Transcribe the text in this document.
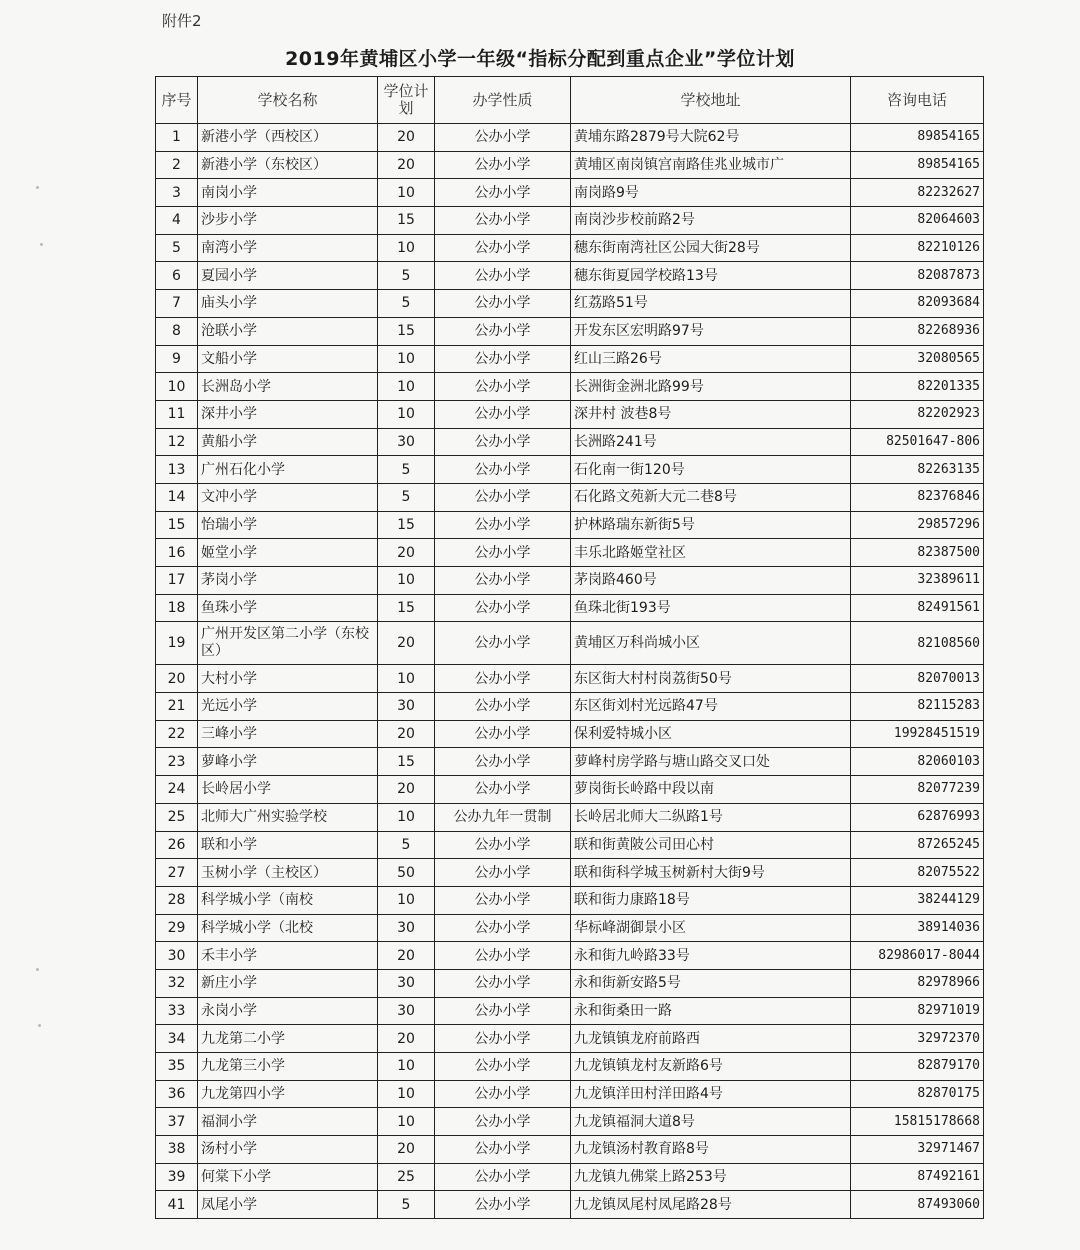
附件2
2019年黄埔区小学一年级“指标分配到重点企业”学位计划
序号	学校名称	学位计划	办学性质	学校地址	咨询电话
1	新港小学（西校区）	20	公办小学	黄埔东路2879号大院62号	89854165
2	新港小学（东校区）	20	公办小学	黄埔区南岗镇宫南路佳兆业城市广	89854165
3	南岗小学	10	公办小学	南岗路9号	82232627
4	沙步小学	15	公办小学	南岗沙步校前路2号	82064603
5	南湾小学	10	公办小学	穗东街南湾社区公园大街28号	82210126
6	夏园小学	5	公办小学	穗东街夏园学校路13号	82087873
7	庙头小学	5	公办小学	红荔路51号	82093684
8	沧联小学	15	公办小学	开发东区宏明路97号	82268936
9	文船小学	10	公办小学	红山三路26号	32080565
10	长洲岛小学	10	公办小学	长洲街金洲北路99号	82201335
11	深井小学	10	公办小学	深井村 波巷8号	82202923
12	黄船小学	30	公办小学	长洲路241号	82501647-806
13	广州石化小学	5	公办小学	石化南一街120号	82263135
14	文冲小学	5	公办小学	石化路文苑新大元二巷8号	82376846
15	怡瑞小学	15	公办小学	护林路瑞东新街5号	29857296
16	姬堂小学	20	公办小学	丰乐北路姬堂社区	82387500
17	茅岗小学	10	公办小学	茅岗路460号	32389611
18	鱼珠小学	15	公办小学	鱼珠北街193号	82491561
19	广州开发区第二小学（东校区）	20	公办小学	黄埔区万科尚城小区	82108560
20	大村小学	10	公办小学	东区街大村村岗荔街50号	82070013
21	光远小学	30	公办小学	东区街刘村光远路47号	82115283
22	三峰小学	20	公办小学	保利爱特城小区	19928451519
23	萝峰小学	15	公办小学	萝峰村房学路与塘山路交叉口处	82060103
24	长岭居小学	20	公办小学	萝岗街长岭路中段以南	82077239
25	北师大广州实验学校	10	公办九年一贯制	长岭居北师大二纵路1号	62876993
26	联和小学	5	公办小学	联和街黄陂公司田心村	87265245
27	玉树小学（主校区）	50	公办小学	联和街科学城玉树新村大街9号	82075522
28	科学城小学（南校	10	公办小学	联和街力康路18号	38244129
29	科学城小学（北校	30	公办小学	华标峰湖御景小区	38914036
30	禾丰小学	20	公办小学	永和街九岭路33号	82986017-8044
32	新庄小学	30	公办小学	永和街新安路5号	82978966
33	永岗小学	30	公办小学	永和街桑田一路	82971019
34	九龙第二小学	20	公办小学	九龙镇镇龙府前路西	32972370
35	九龙第三小学	10	公办小学	九龙镇镇龙村友新路6号	82879170
36	九龙第四小学	10	公办小学	九龙镇洋田村洋田路4号	82870175
37	福洞小学	10	公办小学	九龙镇福洞大道8号	15815178668
38	汤村小学	20	公办小学	九龙镇汤村教育路8号	32971467
39	何棠下小学	25	公办小学	九龙镇九佛棠上路253号	87492161
41	凤尾小学	5	公办小学	九龙镇凤尾村凤尾路28号	87493060
